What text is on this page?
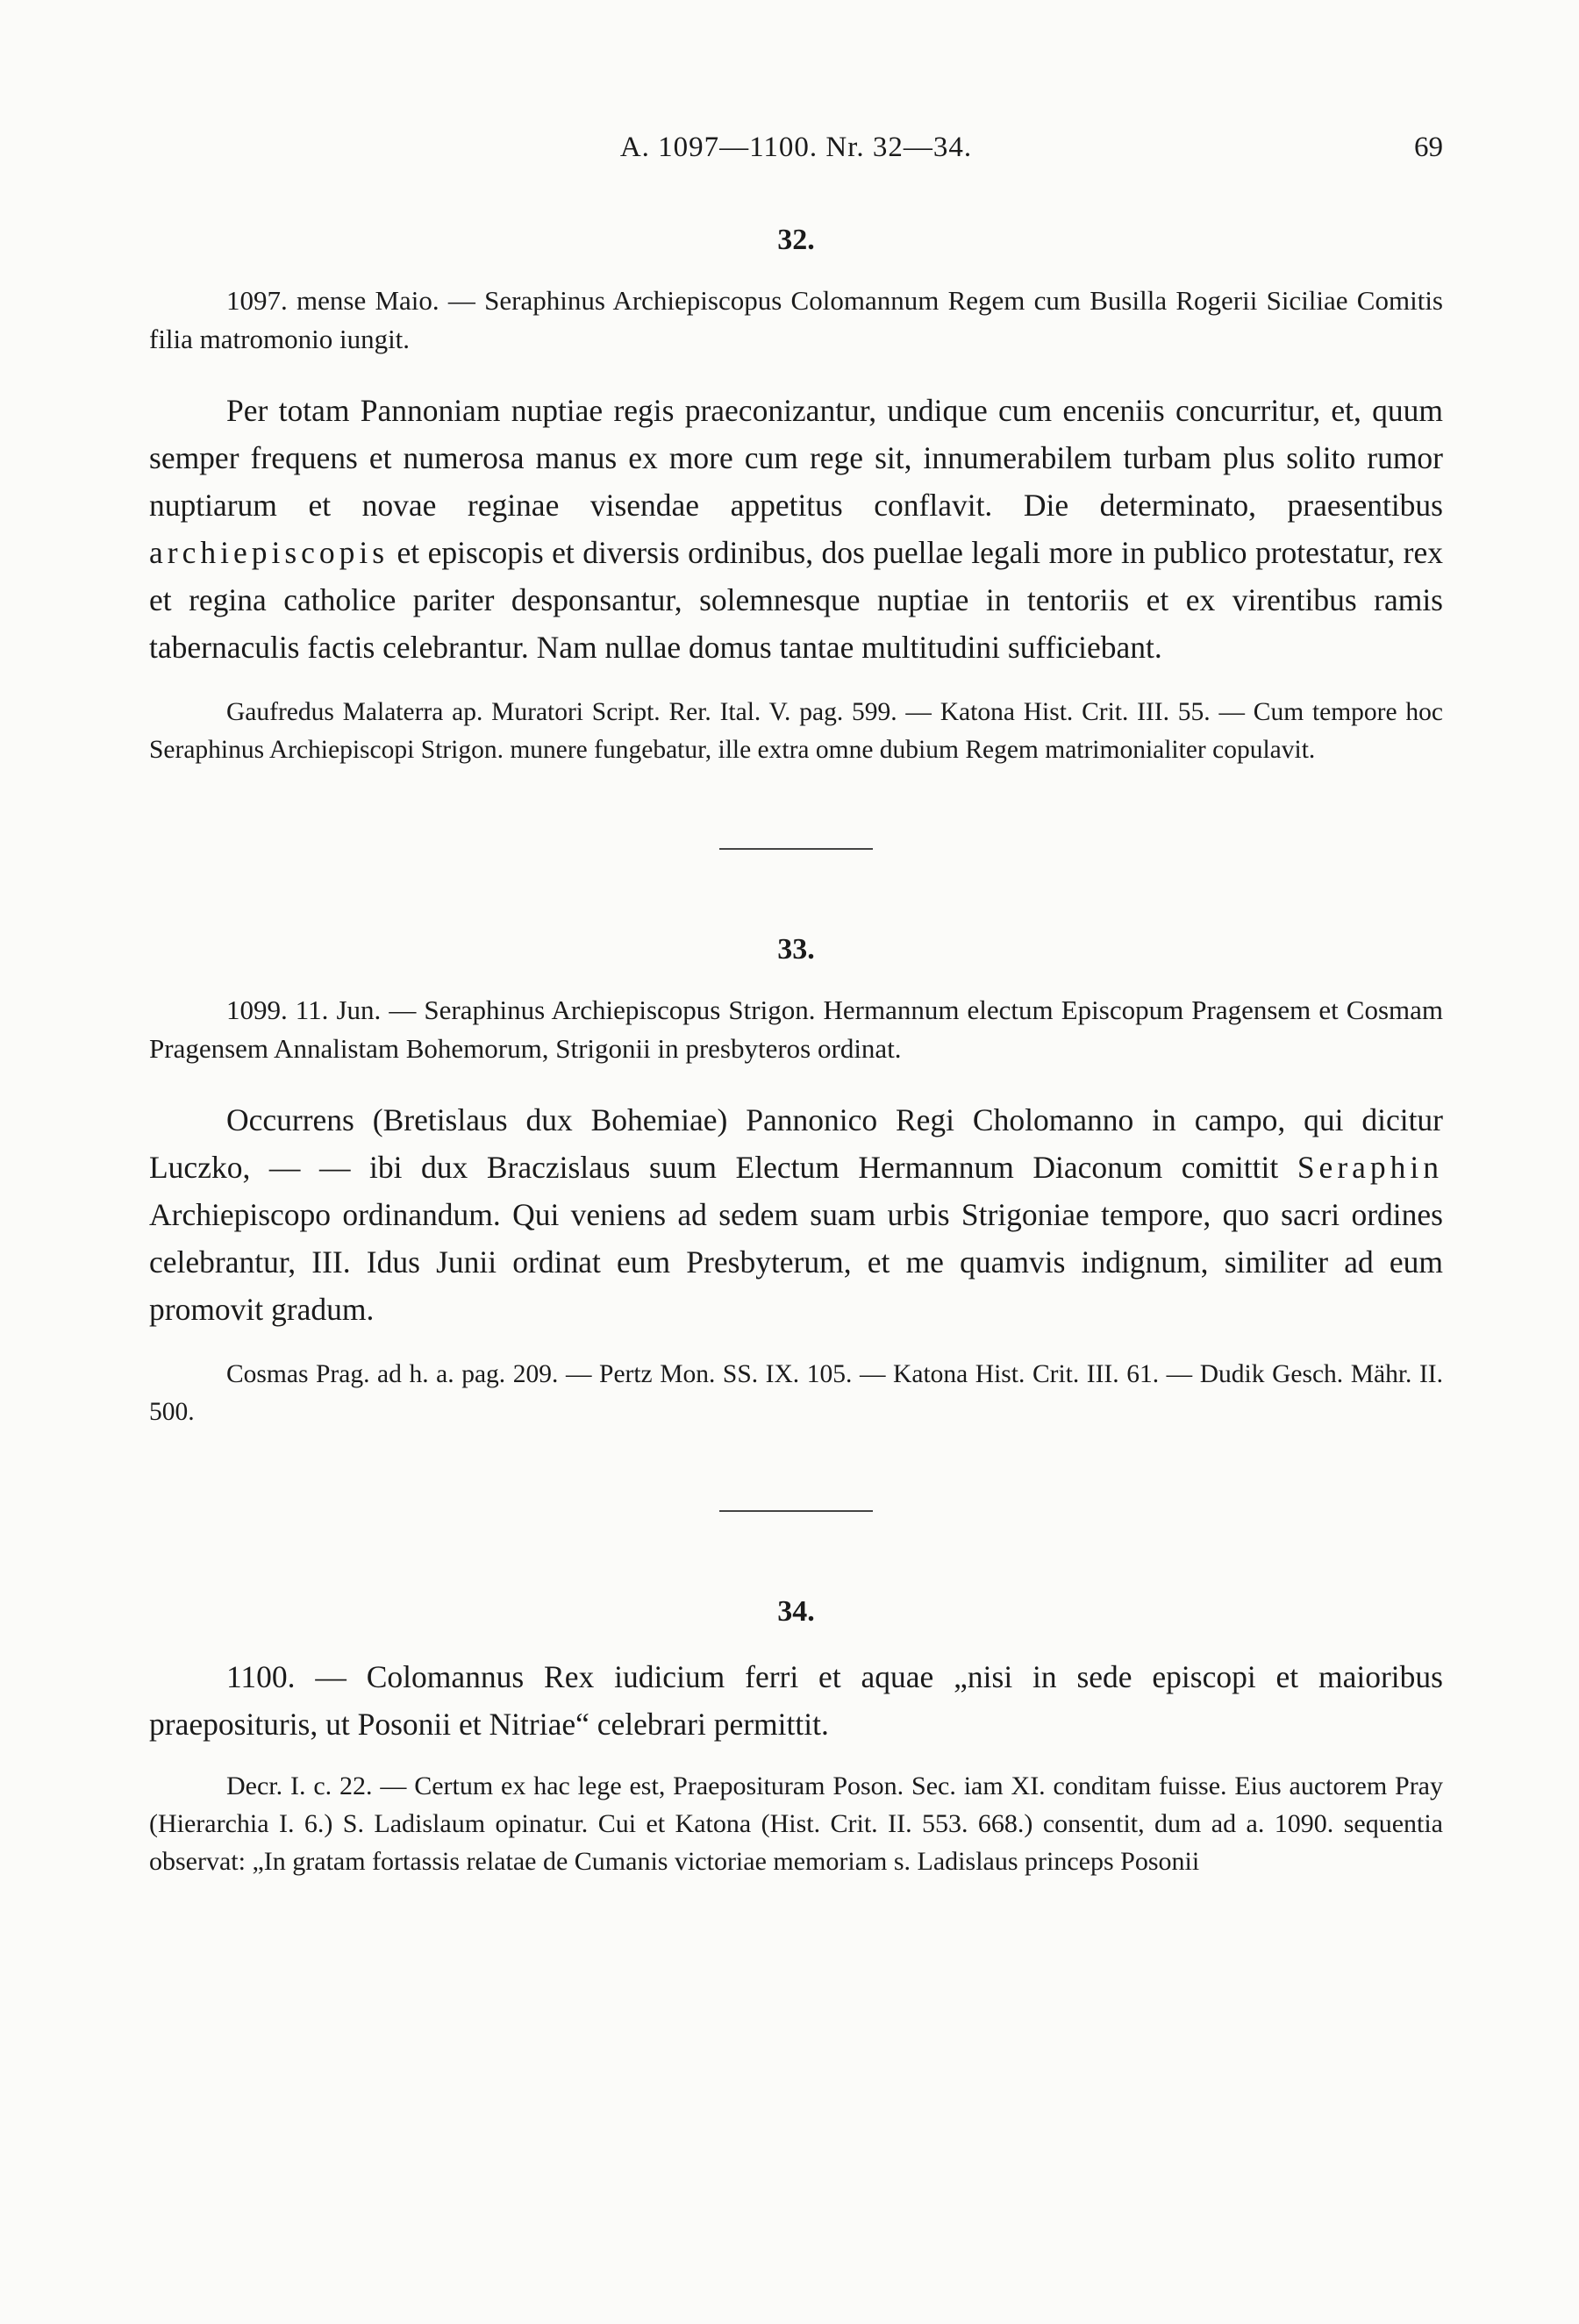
A. 1097—1100. Nr. 32—34.	69
32.

1097. mense Maio. — Seraphinus Archiepiscopus Colomannum Regem cum Busilla Rogerii Siciliae Comitis filia matromonio iungit.

Per totam Pannoniam nuptiae regis praeconizantur, undique cum enceniis concurritur, et, quum semper frequens et numerosa manus ex more cum rege sit, innumerabilem turbam plus solito rumor nuptiarum et novae reginae visendae appetitus conflavit. Die determinato, praesentibus archiepiscopis et episcopis et diversis ordinibus, dos puellae legali more in publico protestatur, rex et regina catholice pariter desponsantur, solemnesque nuptiae in tentoriis et ex virentibus ramis tabernaculis factis celebrantur. Nam nullae domus tantae multitudini sufficiebant.

Gaufredus Malaterra ap. Muratori Script. Rer. Ital. V. pag. 599. — Katona Hist. Crit. III. 55. — Cum tempore hoc Seraphinus Archiepiscopi Strigon. munere fungebatur, ille extra omne dubium Regem matrimonialiter copulavit.

33.

1099. 11. Jun. — Seraphinus Archiepiscopus Strigon. Hermannum electum Episcopum Pragensem et Cosmam Pragensem Annalistam Bohemorum, Strigonii in presbyteros ordinat.

Occurrens (Bretislaus dux Bohemiae) Pannonico Regi Cholomanno in campo, qui dicitur Luczko, — — ibi dux Braczislaus suum Electum Hermannum Diaconum comittit Seraphin Archiepiscopo ordinandum. Qui veniens ad sedem suam urbis Strigoniae tempore, quo sacri ordines celebrantur, III. Idus Junii ordinat eum Presbyterum, et me quamvis indignum, similiter ad eum promovit gradum.

Cosmas Prag. ad h. a. pag. 209. — Pertz Mon. SS. IX. 105. — Katona Hist. Crit. III. 61. — Dudik Gesch. Mähr. II. 500.

34.

1100. — Colomannus Rex iudicium ferri et aquae „nisi in sede episcopi et maioribus praeposituris, ut Posonii et Nitriae“ celebrari permittit.

Decr. I. c. 22. — Certum ex hac lege est, Praeposituram Poson. Sec. iam XI. conditam fuisse. Eius auctorem Pray (Hierarchia I. 6.) S. Ladislaum opinatur. Cui et Katona (Hist. Crit. II. 553. 668.) consentit, dum ad a. 1090. sequentia observat: „In gratam fortassis relatae de Cumanis victoriae memoriam s. Ladislaus princeps Posonii
